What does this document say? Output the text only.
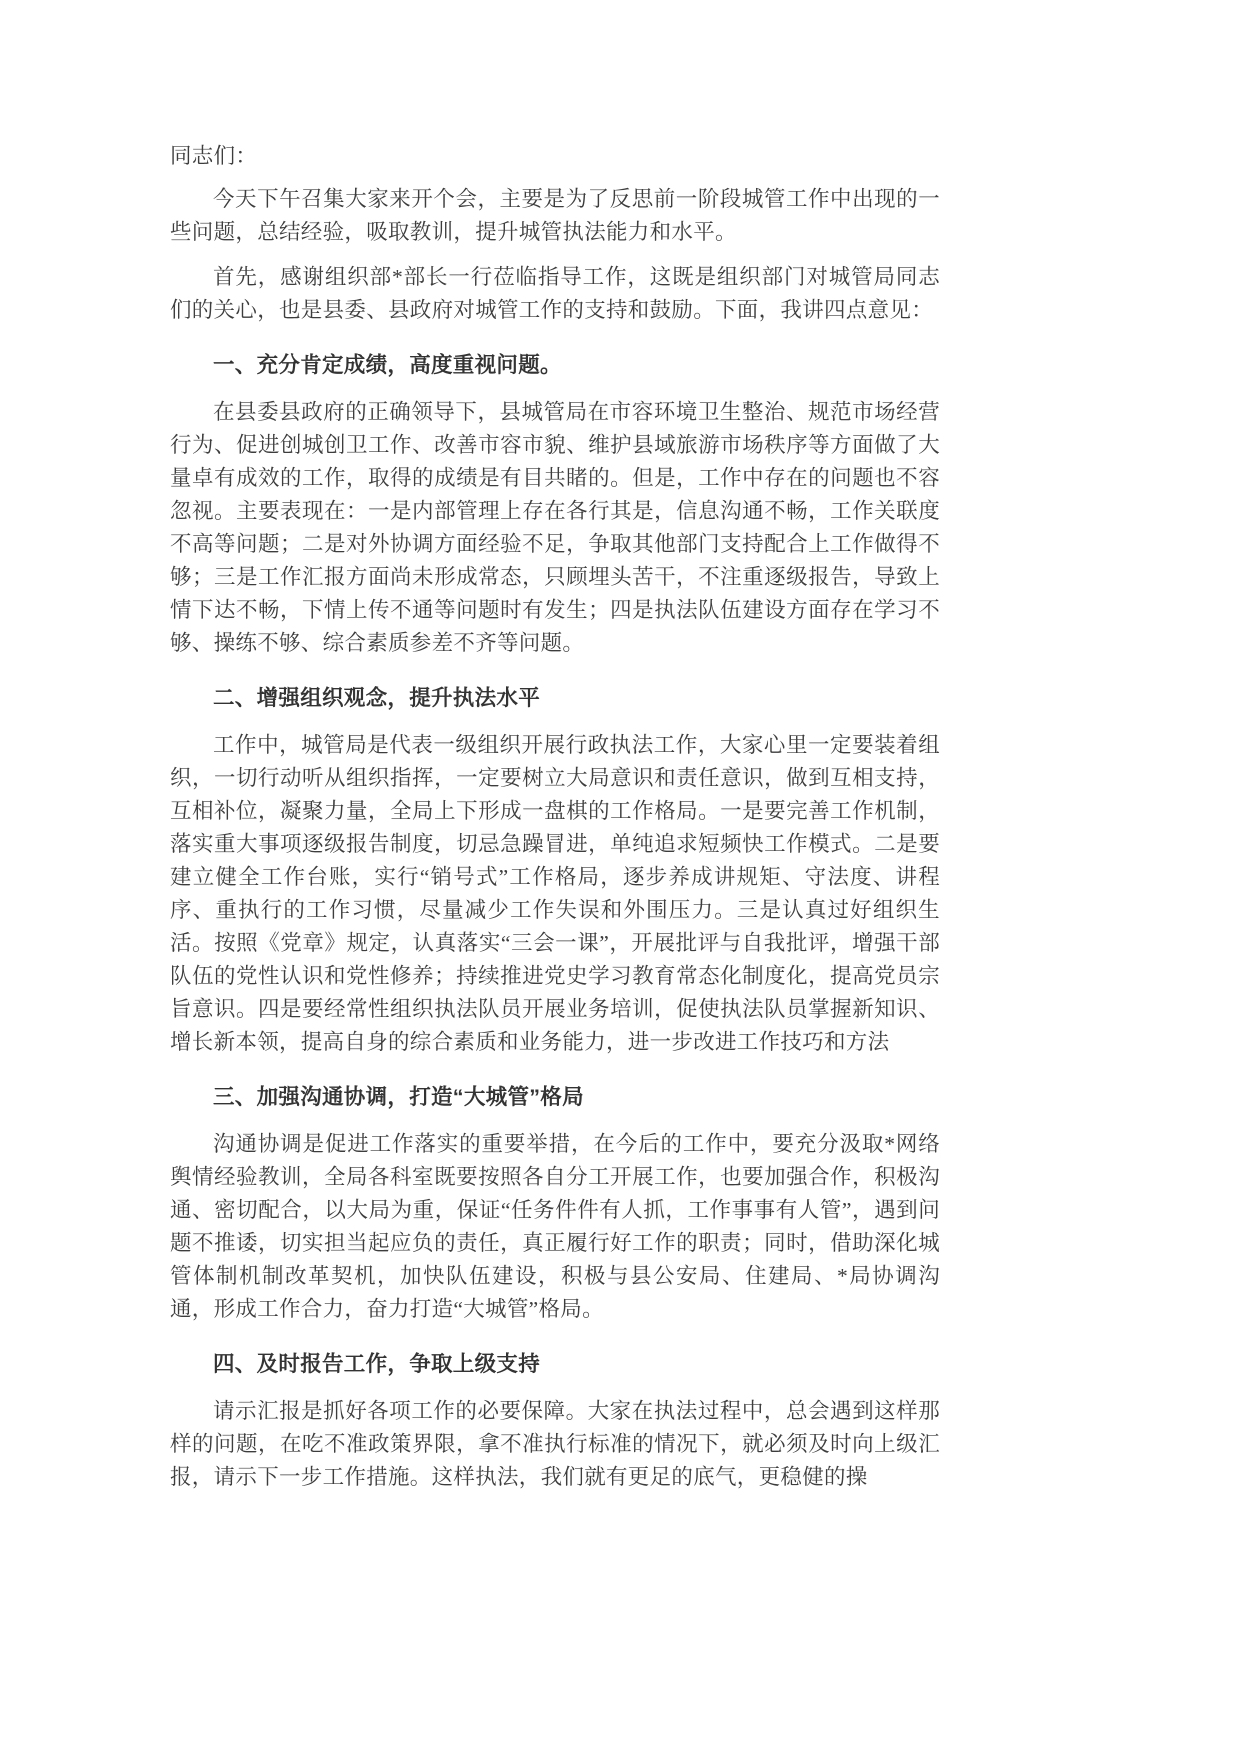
同志们：

今天下午召集大家来开个会，主要是为了反思前一阶段城管工作中出现的一些问题，总结经验，吸取教训，提升城管执法能力和水平。

首先，感谢组织部*部长一行莅临指导工作，这既是组织部门对城管局同志们的关心，也是县委、县政府对城管工作的支持和鼓励。下面，我讲四点意见：

一、充分肯定成绩，高度重视问题。

在县委县政府的正确领导下，县城管局在市容环境卫生整治、规范市场经营行为、促进创城创卫工作、改善市容市貌、维护县域旅游市场秩序等方面做了大量卓有成效的工作，取得的成绩是有目共睹的。但是，工作中存在的问题也不容忽视。主要表现在：一是内部管理上存在各行其是，信息沟通不畅，工作关联度不高等问题；二是对外协调方面经验不足，争取其他部门支持配合上工作做得不够；三是工作汇报方面尚未形成常态，只顾埋头苦干，不注重逐级报告，导致上情下达不畅，下情上传不通等问题时有发生；四是执法队伍建设方面存在学习不够、操练不够、综合素质参差不齐等问题。

二、增强组织观念，提升执法水平

工作中，城管局是代表一级组织开展行政执法工作，大家心里一定要装着组织，一切行动听从组织指挥，一定要树立大局意识和责任意识，做到互相支持，互相补位，凝聚力量，全局上下形成一盘棋的工作格局。一是要完善工作机制，落实重大事项逐级报告制度，切忌急躁冒进，单纯追求短频快工作模式。二是要建立健全工作台账，实行“销号式”工作格局，逐步养成讲规矩、守法度、讲程序、重执行的工作习惯，尽量减少工作失误和外围压力。三是认真过好组织生活。按照《党章》规定，认真落实“三会一课”，开展批评与自我批评，增强干部队伍的党性认识和党性修养；持续推进党史学习教育常态化制度化，提高党员宗旨意识。四是要经常性组织执法队员开展业务培训，促使执法队员掌握新知识、增长新本领，提高自身的综合素质和业务能力，进一步改进工作技巧和方法

三、加强沟通协调，打造“大城管”格局

沟通协调是促进工作落实的重要举措，在今后的工作中，要充分汲取*网络舆情经验教训，全局各科室既要按照各自分工开展工作，也要加强合作，积极沟通、密切配合，以大局为重，保证“任务件件有人抓，工作事事有人管”，遇到问题不推诿，切实担当起应负的责任，真正履行好工作的职责；同时，借助深化城管体制机制改革契机，加快队伍建设，积极与县公安局、住建局、*局协调沟通，形成工作合力，奋力打造“大城管”格局。

四、及时报告工作，争取上级支持

请示汇报是抓好各项工作的必要保障。大家在执法过程中，总会遇到这样那样的问题，在吃不准政策界限，拿不准执行标准的情况下，就必须及时向上级汇报，请示下一步工作措施。这样执法，我们就有更足的底气，更稳健的操
